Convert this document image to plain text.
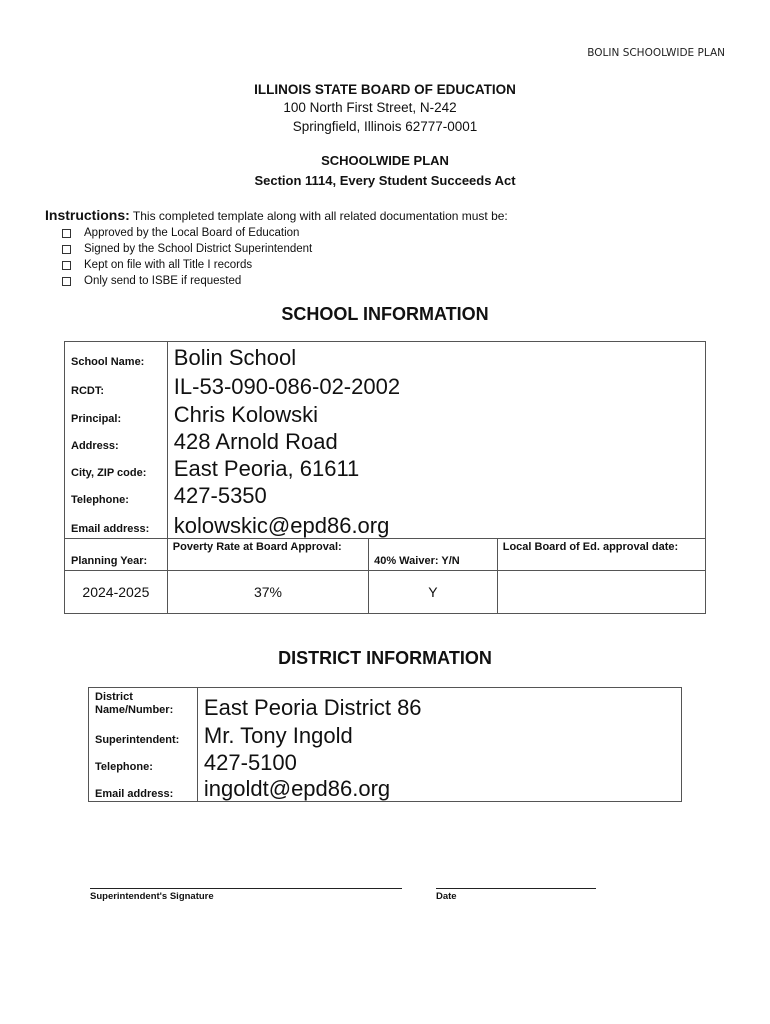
BOLIN SCHOOLWIDE PLAN
ILLINOIS STATE BOARD OF EDUCATION
100 North First Street, N-242
Springfield, Illinois 62777-0001
SCHOOLWIDE PLAN
Section 1114, Every Student Succeeds Act
Instructions: This completed template along with all related documentation must be:
Approved by the Local Board of Education
Signed by the School District Superintendent
Kept on file with all Title I records
Only send to ISBE if requested
SCHOOL INFORMATION
School Name:	Bolin School		
RCDT:	IL-53-090-086-02-2002		
Principal:	Chris Kolowski		
Address:	428 Arnold Road		
City, ZIP code:	East Peoria, 61611		
Telephone:	427-5350		
Email address:	kolowskic@epd86.org		
Planning Year:	Poverty Rate at Board Approval:	40% Waiver: Y/N	Local Board of Ed. approval date:
2024-2025	37%	Y	
DISTRICT INFORMATION
District Name/Number:	East Peoria District 86
Superintendent:	Mr. Tony Ingold
Telephone:	427-5100
Email address:	ingoldt@epd86.org
Superintendent's Signature	Date
